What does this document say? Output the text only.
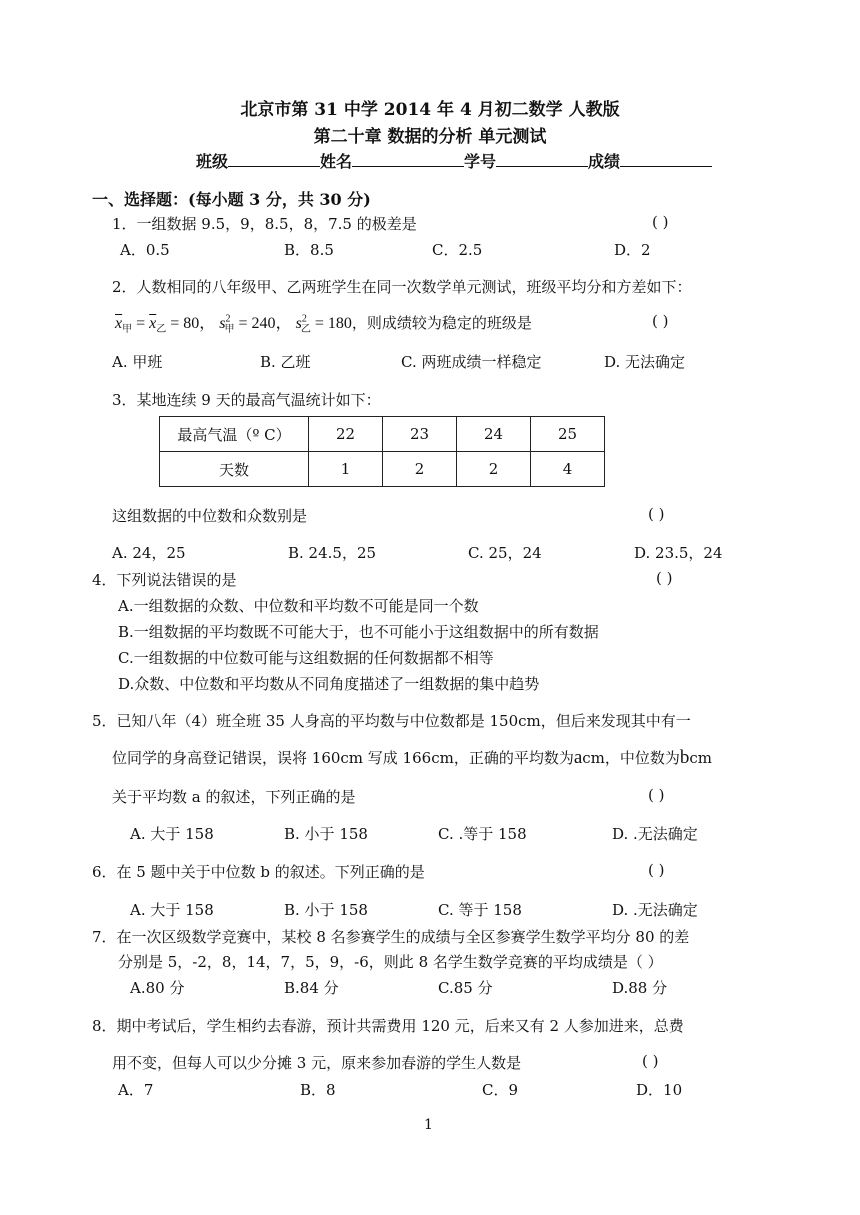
北京市第 31 中学 2014 年 4 月初二数学 人教版
第二十章 数据的分析 单元测试
班级	姓名	学号	成绩
一、选择题：(每小题 3 分，共 30 分)
1．一组数据 9.5，9，8.5，8，7.5 的极差是	( )
A．0.5	B．8.5	C．2.5	D．2
2．人数相同的八年级甲、乙两班学生在同一次数学单元测试，班级平均分和方差如下：
$\overline{x}_甲 = \overline{x}_乙 = 80$， $s^2_甲 = 240$， $s^2_乙 = 180$，则成绩较为稳定的班级是	( )
A. 甲班	B. 乙班	C. 两班成绩一样稳定	D. 无法确定
3．某地连续 9 天的最高气温统计如下：
最高气温（º C）	22	23	24	25
天数	1	2	2	4
这组数据的中位数和众数别是	( )
A. 24，25	B. 24.5，25	C. 25，24	D. 23.5，24
4．下列说法错误的是	( )
A.一组数据的众数、中位数和平均数不可能是同一个数
B.一组数据的平均数既不可能大于，也不可能小于这组数据中的所有数据
C.一组数据的中位数可能与这组数据的任何数据都不相等
D.众数、中位数和平均数从不同角度描述了一组数据的集中趋势
5．已知八年（4）班全班 35 人身高的平均数与中位数都是 150cm，但后来发现其中有一
位同学的身高登记错误，误将 160cm 写成 166cm，正确的平均数为acm，中位数为bcm
关于平均数 a 的叙述，下列正确的是	( )
A. 大于 158	B. 小于 158	C. .等于 158	D. .无法确定
6．在 5 题中关于中位数 b 的叙述。下列正确的是	( )
A. 大于 158	B. 小于 158	C. 等于 158	D. .无法确定
7．在一次区级数学竞赛中，某校 8 名参赛学生的成绩与全区参赛学生数学平均分 80 的差
分别是 5，-2，8，14，7，5，9，-6，则此 8 名学生数学竞赛的平均成绩是（ ）
A.80 分	B.84 分	C.85 分	D.88 分
8．期中考试后，学生相约去春游，预计共需费用 120 元，后来又有 2 人参加进来，总费
用不变，但每人可以少分摊 3 元，原来参加春游的学生人数是	( )
A．7	B．8	C．9	D．10
1
